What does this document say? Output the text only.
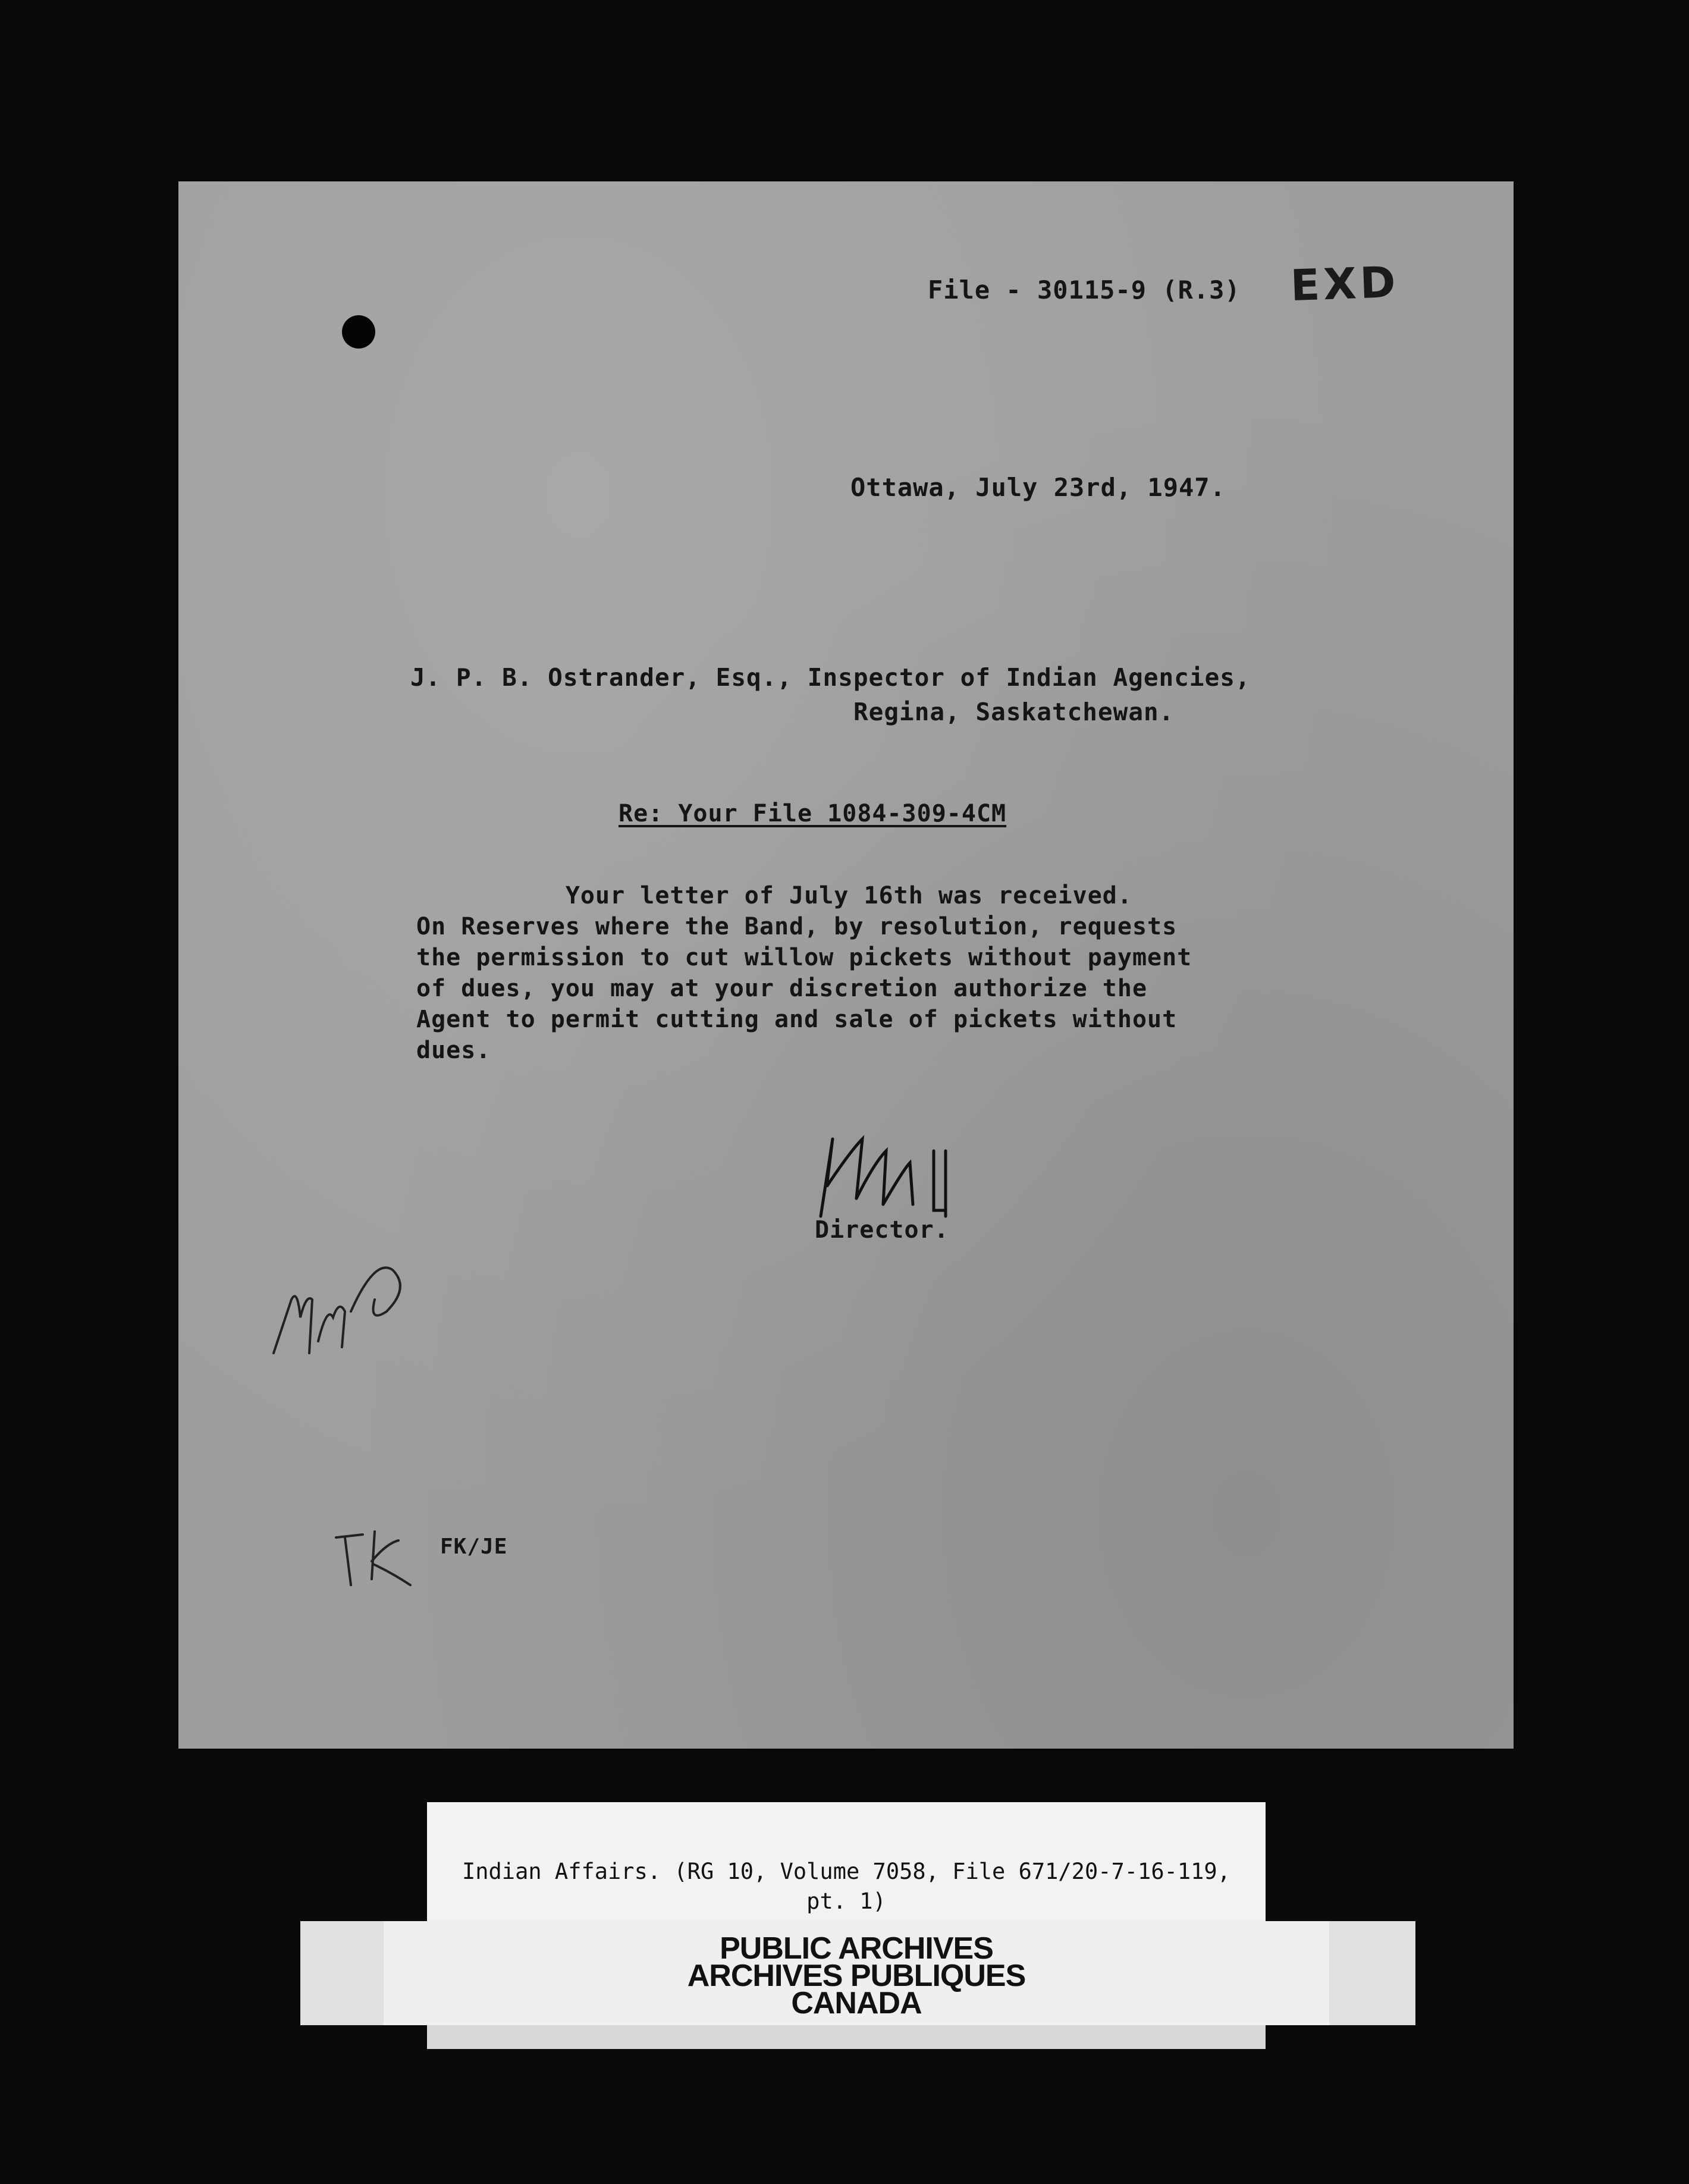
File - 30115-9 (R.3) EXD
Ottawa, July 23rd, 1947.
J. P. B. Ostrander, Esq., Inspector of Indian Agencies,
Regina, Saskatchewan.
Re: Your File 1084-309-4CM
Your letter of July 16th was received.
On Reserves where the Band, by resolution, requests
the permission to cut willow pickets without payment
of dues, you may at your discretion authorize the
Agent to permit cutting and sale of pickets without
dues.
Director.
FK/JE
Indian Affairs. (RG 10, Volume 7058, File 671/20-7-16-119,
pt. 1)
PUBLIC ARCHIVES
ARCHIVES PUBLIQUES
CANADA
